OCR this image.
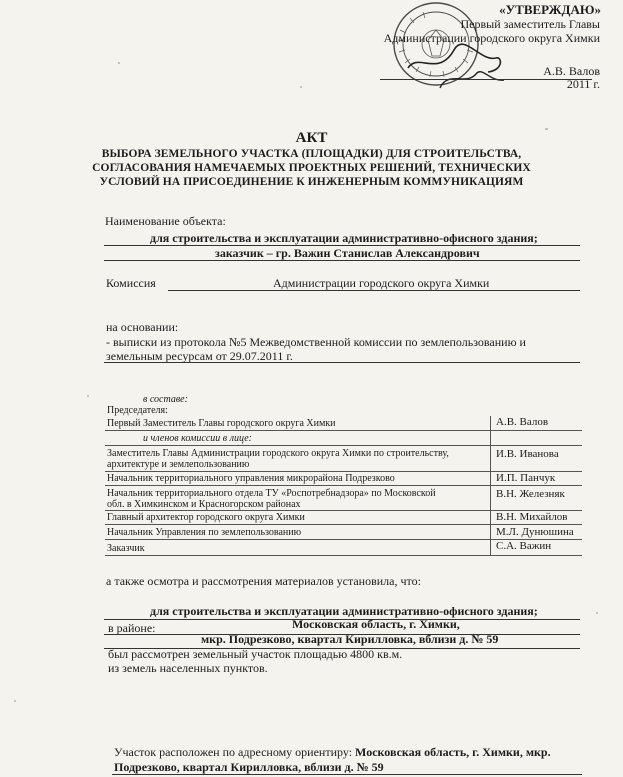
«УТВЕРЖДАЮ»
Первый заместитель Главы
Администрации городского округа Химки
А.В. Валов
2011 г.
АКТ
ВЫБОРА ЗЕМЕЛЬНОГО УЧАСТКА (ПЛОЩАДКИ) ДЛЯ СТРОИТЕЛЬСТВА,
СОГЛАСОВАНИЯ НАМЕЧАЕМЫХ ПРОЕКТНЫХ РЕШЕНИЙ, ТЕХНИЧЕСКИХ
УСЛОВИЙ НА ПРИСОЕДИНЕНИЕ К ИНЖЕНЕРНЫМ КОММУНИКАЦИЯМ
Наименование объекта:
для строительства и эксплуатации административно-офисного здания;
заказчик – гр. Важин Станислав Александрович
Комиссия	Администрации городского округа Химки
на основании:
- выписки из протокола №5 Межведомственной комиссии по землепользованию и
земельным ресурсам от 29.07.2011 г.
в составе:
Председателя:
Первый Заместитель Главы городского округа Химки	А.В. Валов
и членов комиссии в лице:
Заместитель Главы Администрации городского округа Химки по строительству,
архитектуре и землепользованию
И.В. Иванова
Начальник территориального управления микрорайона Подрезково	И.П. Панчук
Начальник территориального отдела ТУ «Роспотребнадзора» по Московской
обл. в Химкинском и Красногорском районах
В.Н. Железняк
Главный архитектор городского округа Химки	В.Н. Михайлов
Начальник Управления по землепользованию	М.Л. Дунюшина
Заказчик	С.А. Важин
а также осмотра и рассмотрения материалов установила, что:
для строительства и эксплуатации административно-офисного здания;
в районе:	Московская область, г. Химки,
мкр. Подрезково, квартал Кирилловка, вблизи д. № 59
был рассмотрен земельный участок площадью 4800 кв.м.
из земель населенных пунктов.
Участок расположен по адресному ориентиру: Московская область, г. Химки, мкр.
Подрезково, квартал Кирилловка, вблизи д. № 59
